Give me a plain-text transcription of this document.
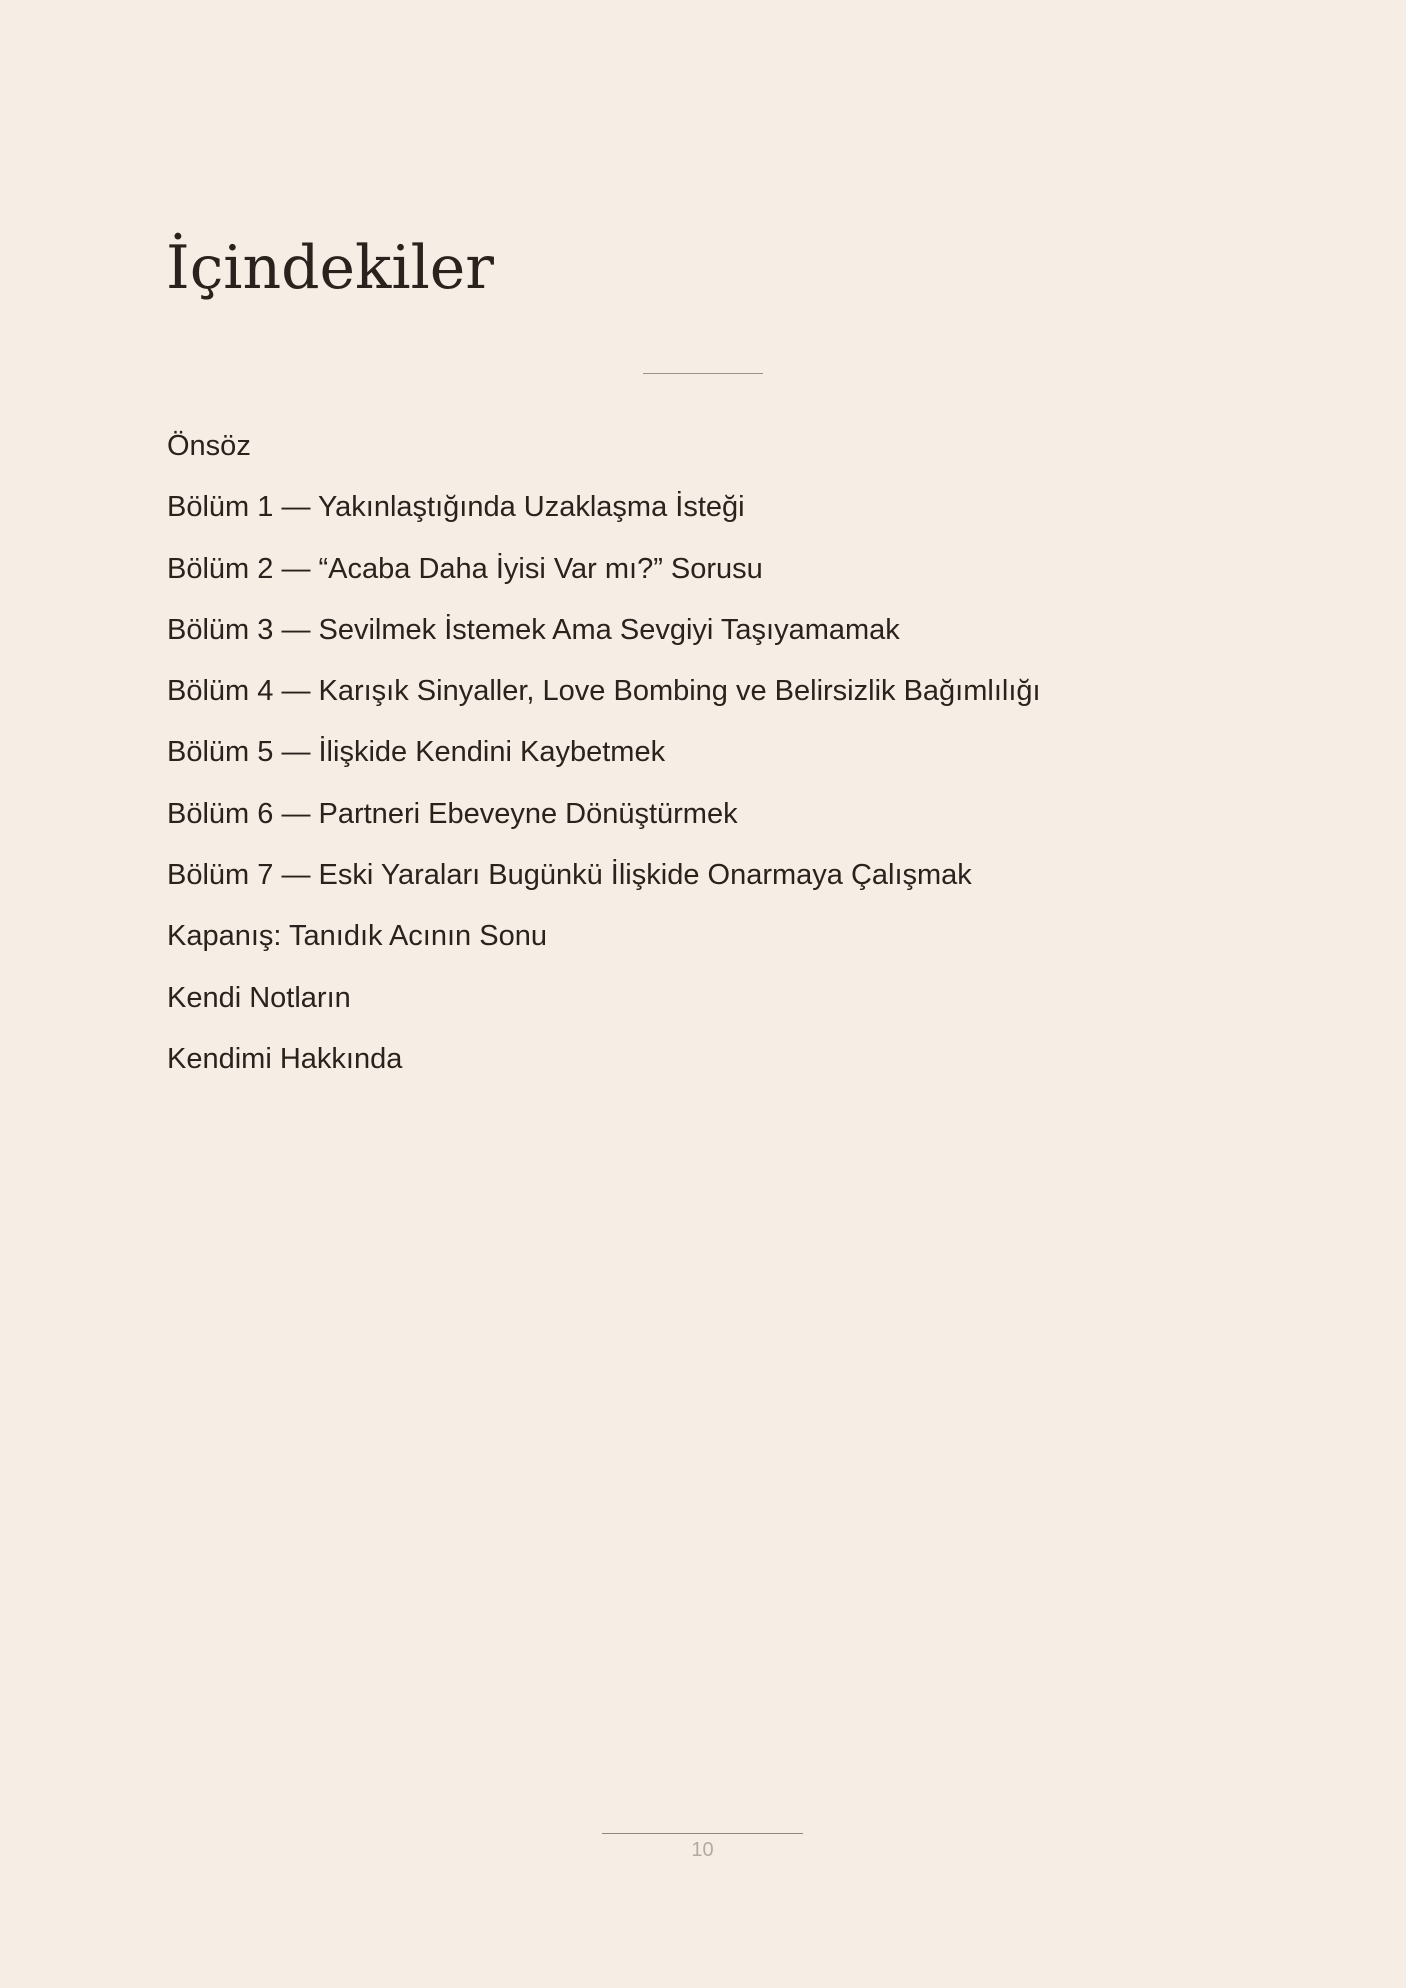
İçindekiler
Önsöz
Bölüm 1 — Yakınlaştığında Uzaklaşma İsteği
Bölüm 2 — “Acaba Daha İyisi Var mı?” Sorusu
Bölüm 3 — Sevilmek İstemek Ama Sevgiyi Taşıyamamak
Bölüm 4 — Karışık Sinyaller, Love Bombing ve Belirsizlik Bağımlılığı
Bölüm 5 — İlişkide Kendini Kaybetmek
Bölüm 6 — Partneri Ebeveyne Dönüştürmek
Bölüm 7 — Eski Yaraları Bugünkü İlişkide Onarmaya Çalışmak
Kapanış: Tanıdık Acının Sonu
Kendi Notların
Kendimi Hakkında
10
